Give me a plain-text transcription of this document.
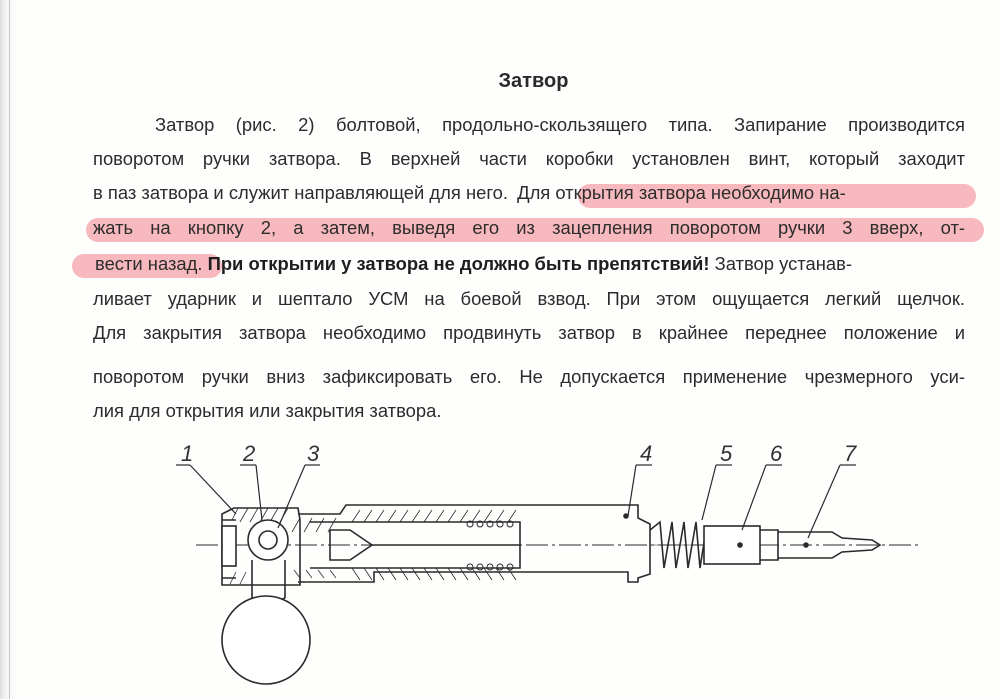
Затвор
Затвор (рис. 2) болтовой, продольно-скользящего типа. Запирание производится
поворотом ручки затвора. В верхней части коробки установлен винт, который заходит
в паз затвора и служит направляющей для него. Для открытия затвора необходимо на-
жать на кнопку 2, а затем, выведя его из зацепления поворотом ручки 3 вверх, от-
вести назад. При открытии у затвора не должно быть препятствий! Затвор устанав-
ливает ударник и шептало УСМ на боевой взвод. При этом ощущается легкий щелчок.
Для закрытия затвора необходимо продвинуть затвор в крайнее переднее положение и
поворотом ручки вниз зафиксировать его. Не допускается применение чрезмерного уси-
лия для открытия или закрытия затвора.
1 2 3	4	5 6	7
